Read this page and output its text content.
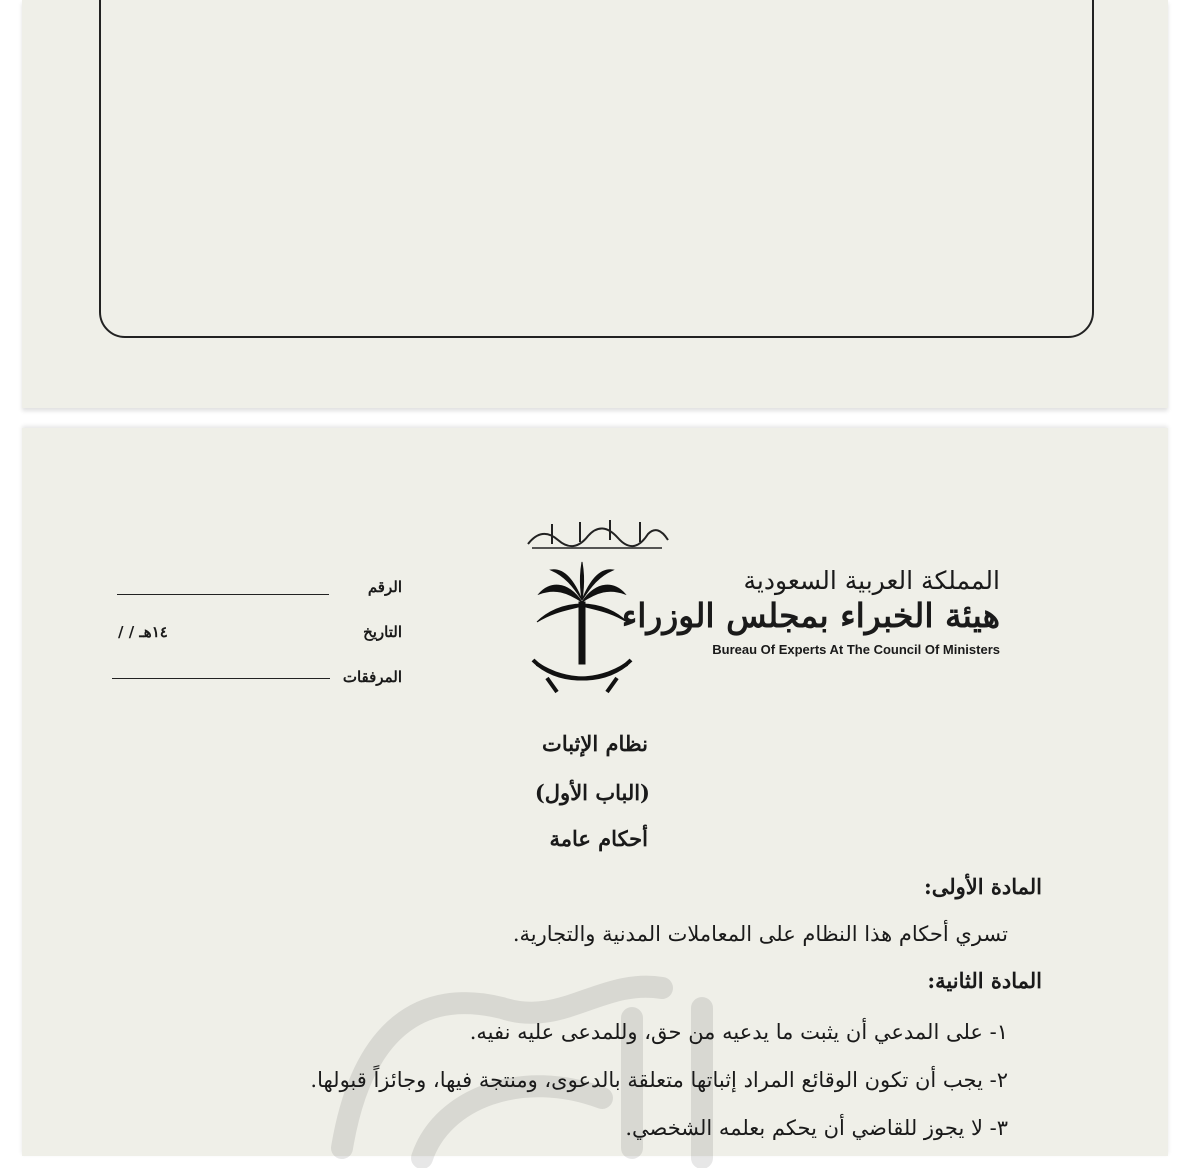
المملكة العربية السعودية
هيئة الخبراء بمجلس الوزراء
Bureau Of Experts At The Council Of Ministers
الرقم
التاريخ
/ / ١٤هـ
المرفقات
نظام الإثبات
(الباب الأول)
أحكام عامة
المادة الأولى:
تسري أحكام هذا النظام على المعاملات المدنية والتجارية.
المادة الثانية:
١- على المدعي أن يثبت ما يدعيه من حق، وللمدعى عليه نفيه.
٢- يجب أن تكون الوقائع المراد إثباتها متعلقة بالدعوى، ومنتجة فيها، وجائزاً قبولها.
٣- لا يجوز للقاضي أن يحكم بعلمه الشخصي.
